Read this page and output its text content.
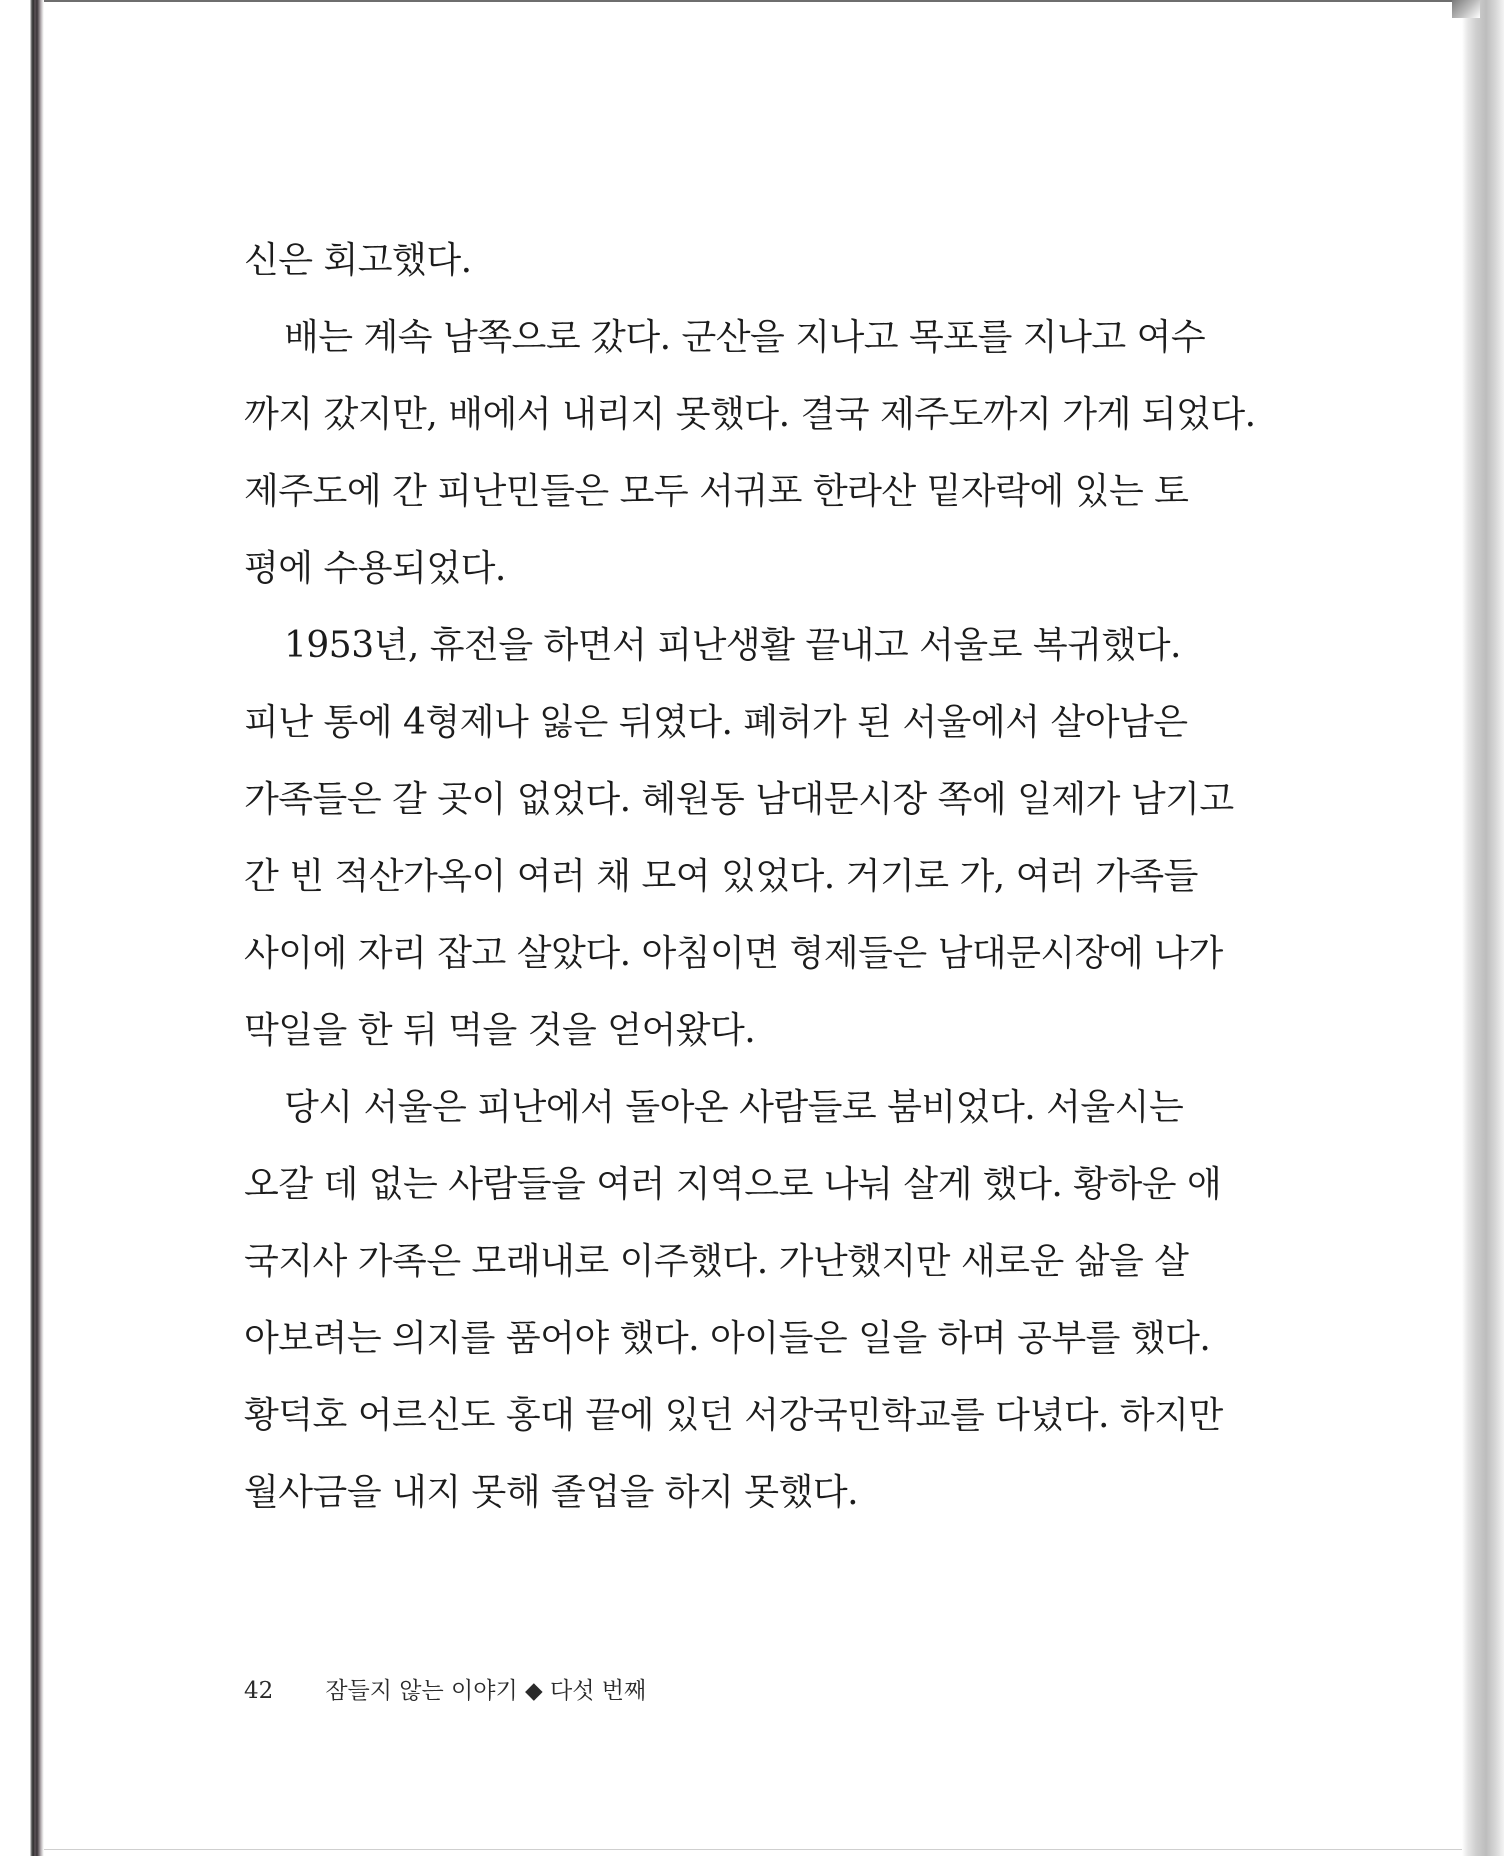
신은 회고했다.
배는 계속 남쪽으로 갔다. 군산을 지나고 목포를 지나고 여수
까지 갔지만, 배에서 내리지 못했다. 결국 제주도까지 가게 되었다.
제주도에 간 피난민들은 모두 서귀포 한라산 밑자락에 있는 토
평에 수용되었다.
1953년, 휴전을 하면서 피난생활 끝내고 서울로 복귀했다.
피난 통에 4형제나 잃은 뒤였다. 폐허가 된 서울에서 살아남은
가족들은 갈 곳이 없었다. 혜원동 남대문시장 쪽에 일제가 남기고
간 빈 적산가옥이 여러 채 모여 있었다. 거기로 가, 여러 가족들
사이에 자리 잡고 살았다. 아침이면 형제들은 남대문시장에 나가
막일을 한 뒤 먹을 것을 얻어왔다.
당시 서울은 피난에서 돌아온 사람들로 붐비었다. 서울시는
오갈 데 없는 사람들을 여러 지역으로 나눠 살게 했다. 황하운 애
국지사 가족은 모래내로 이주했다. 가난했지만 새로운 삶을 살
아보려는 의지를 품어야 했다. 아이들은 일을 하며 공부를 했다.
황덕호 어르신도 홍대 끝에 있던 서강국민학교를 다녔다. 하지만
월사금을 내지 못해 졸업을 하지 못했다.
42 잠들지 않는 이야기 ◆ 다섯 번째
